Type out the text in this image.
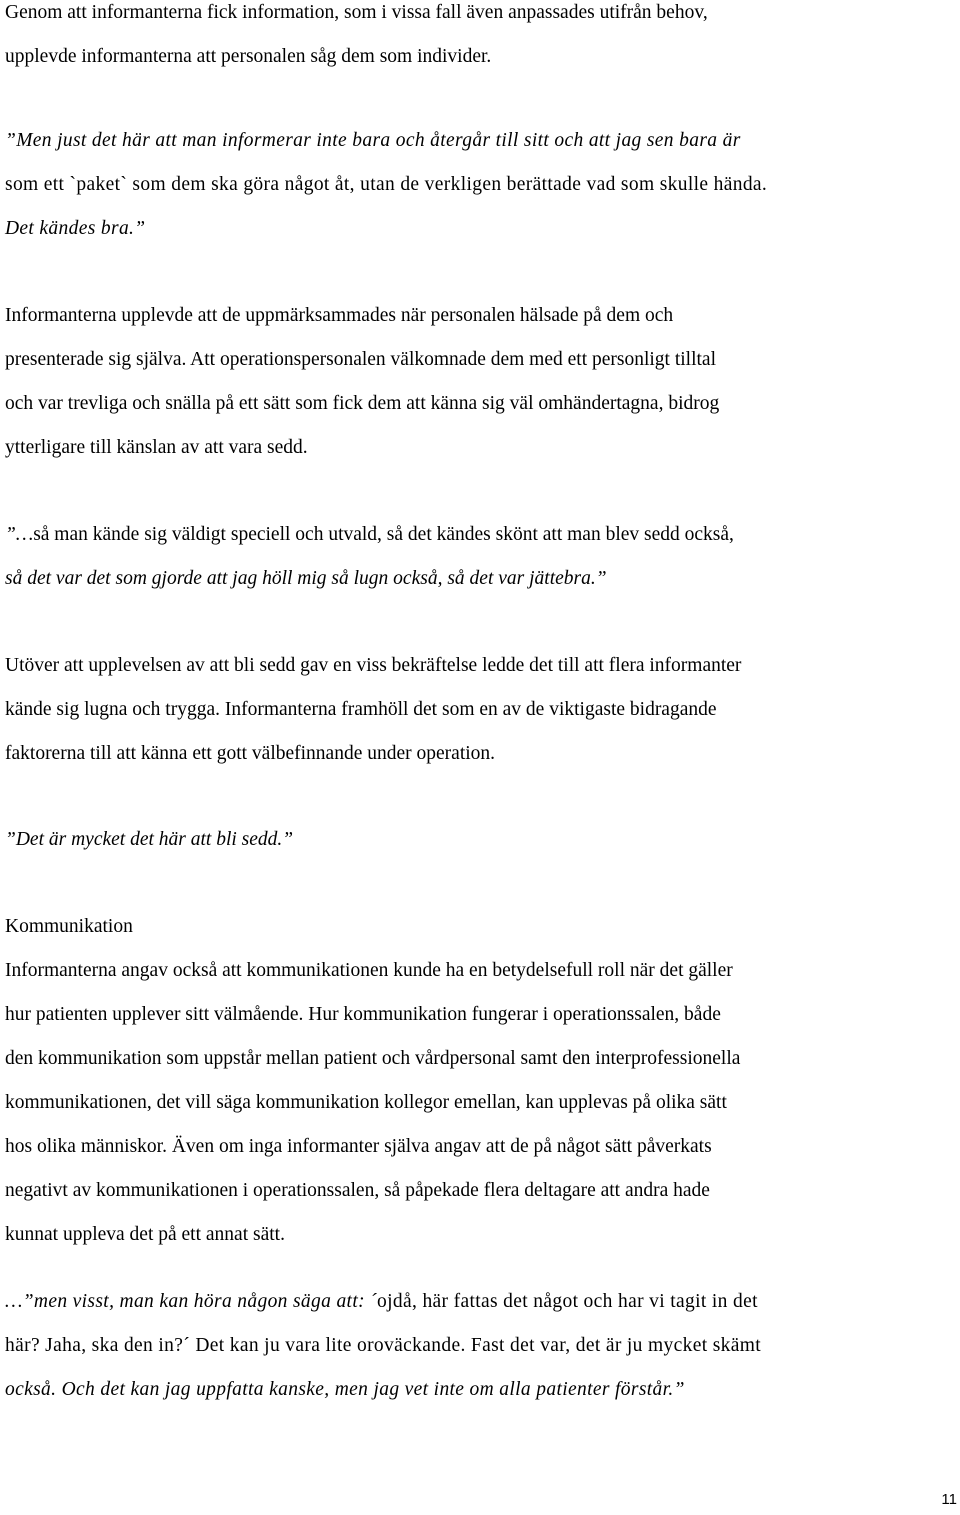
Genom att informanterna fick information, som i vissa fall även anpassades utifrån behov,
upplevde informanterna att personalen såg dem som individer.
”Men just det här att man informerar inte bara och återgår till sitt och att jag sen bara är
som ett `paket` som dem ska göra något åt, utan de verkligen berättade vad som skulle hända.
Det kändes bra.”
Informanterna upplevde att de uppmärksammades när personalen hälsade på dem och
presenterade sig själva. Att operationspersonalen välkomnade dem med ett personligt tilltal
och var trevliga och snälla på ett sätt som fick dem att känna sig väl omhändertagna, bidrog
ytterligare till känslan av att vara sedd.
”…så man kände sig väldigt speciell och utvald, så det kändes skönt att man blev sedd också,
så det var det som gjorde att jag höll mig så lugn också, så det var jättebra.”
Utöver att upplevelsen av att bli sedd gav en viss bekräftelse ledde det till att flera informanter
kände sig lugna och trygga. Informanterna framhöll det som en av de viktigaste bidragande
faktorerna till att känna ett gott välbefinnande under operation.
”Det är mycket det här att bli sedd.”
Kommunikation
Informanterna angav också att kommunikationen kunde ha en betydelsefull roll när det gäller
hur patienten upplever sitt välmående. Hur kommunikation fungerar i operationssalen, både
den kommunikation som uppstår mellan patient och vårdpersonal samt den interprofessionella
kommunikationen, det vill säga kommunikation kollegor emellan, kan upplevas på olika sätt
hos olika människor. Även om inga informanter själva angav att de på något sätt påverkats
negativt av kommunikationen i operationssalen, så påpekade flera deltagare att andra hade
kunnat uppleva det på ett annat sätt.
…”men visst, man kan höra någon säga att: ´ojdå, här fattas det något och har vi tagit in det
här? Jaha, ska den in?´ Det kan ju vara lite oroväckande. Fast det var, det är ju mycket skämt
också. Och det kan jag uppfatta kanske, men jag vet inte om alla patienter förstår.”
11
